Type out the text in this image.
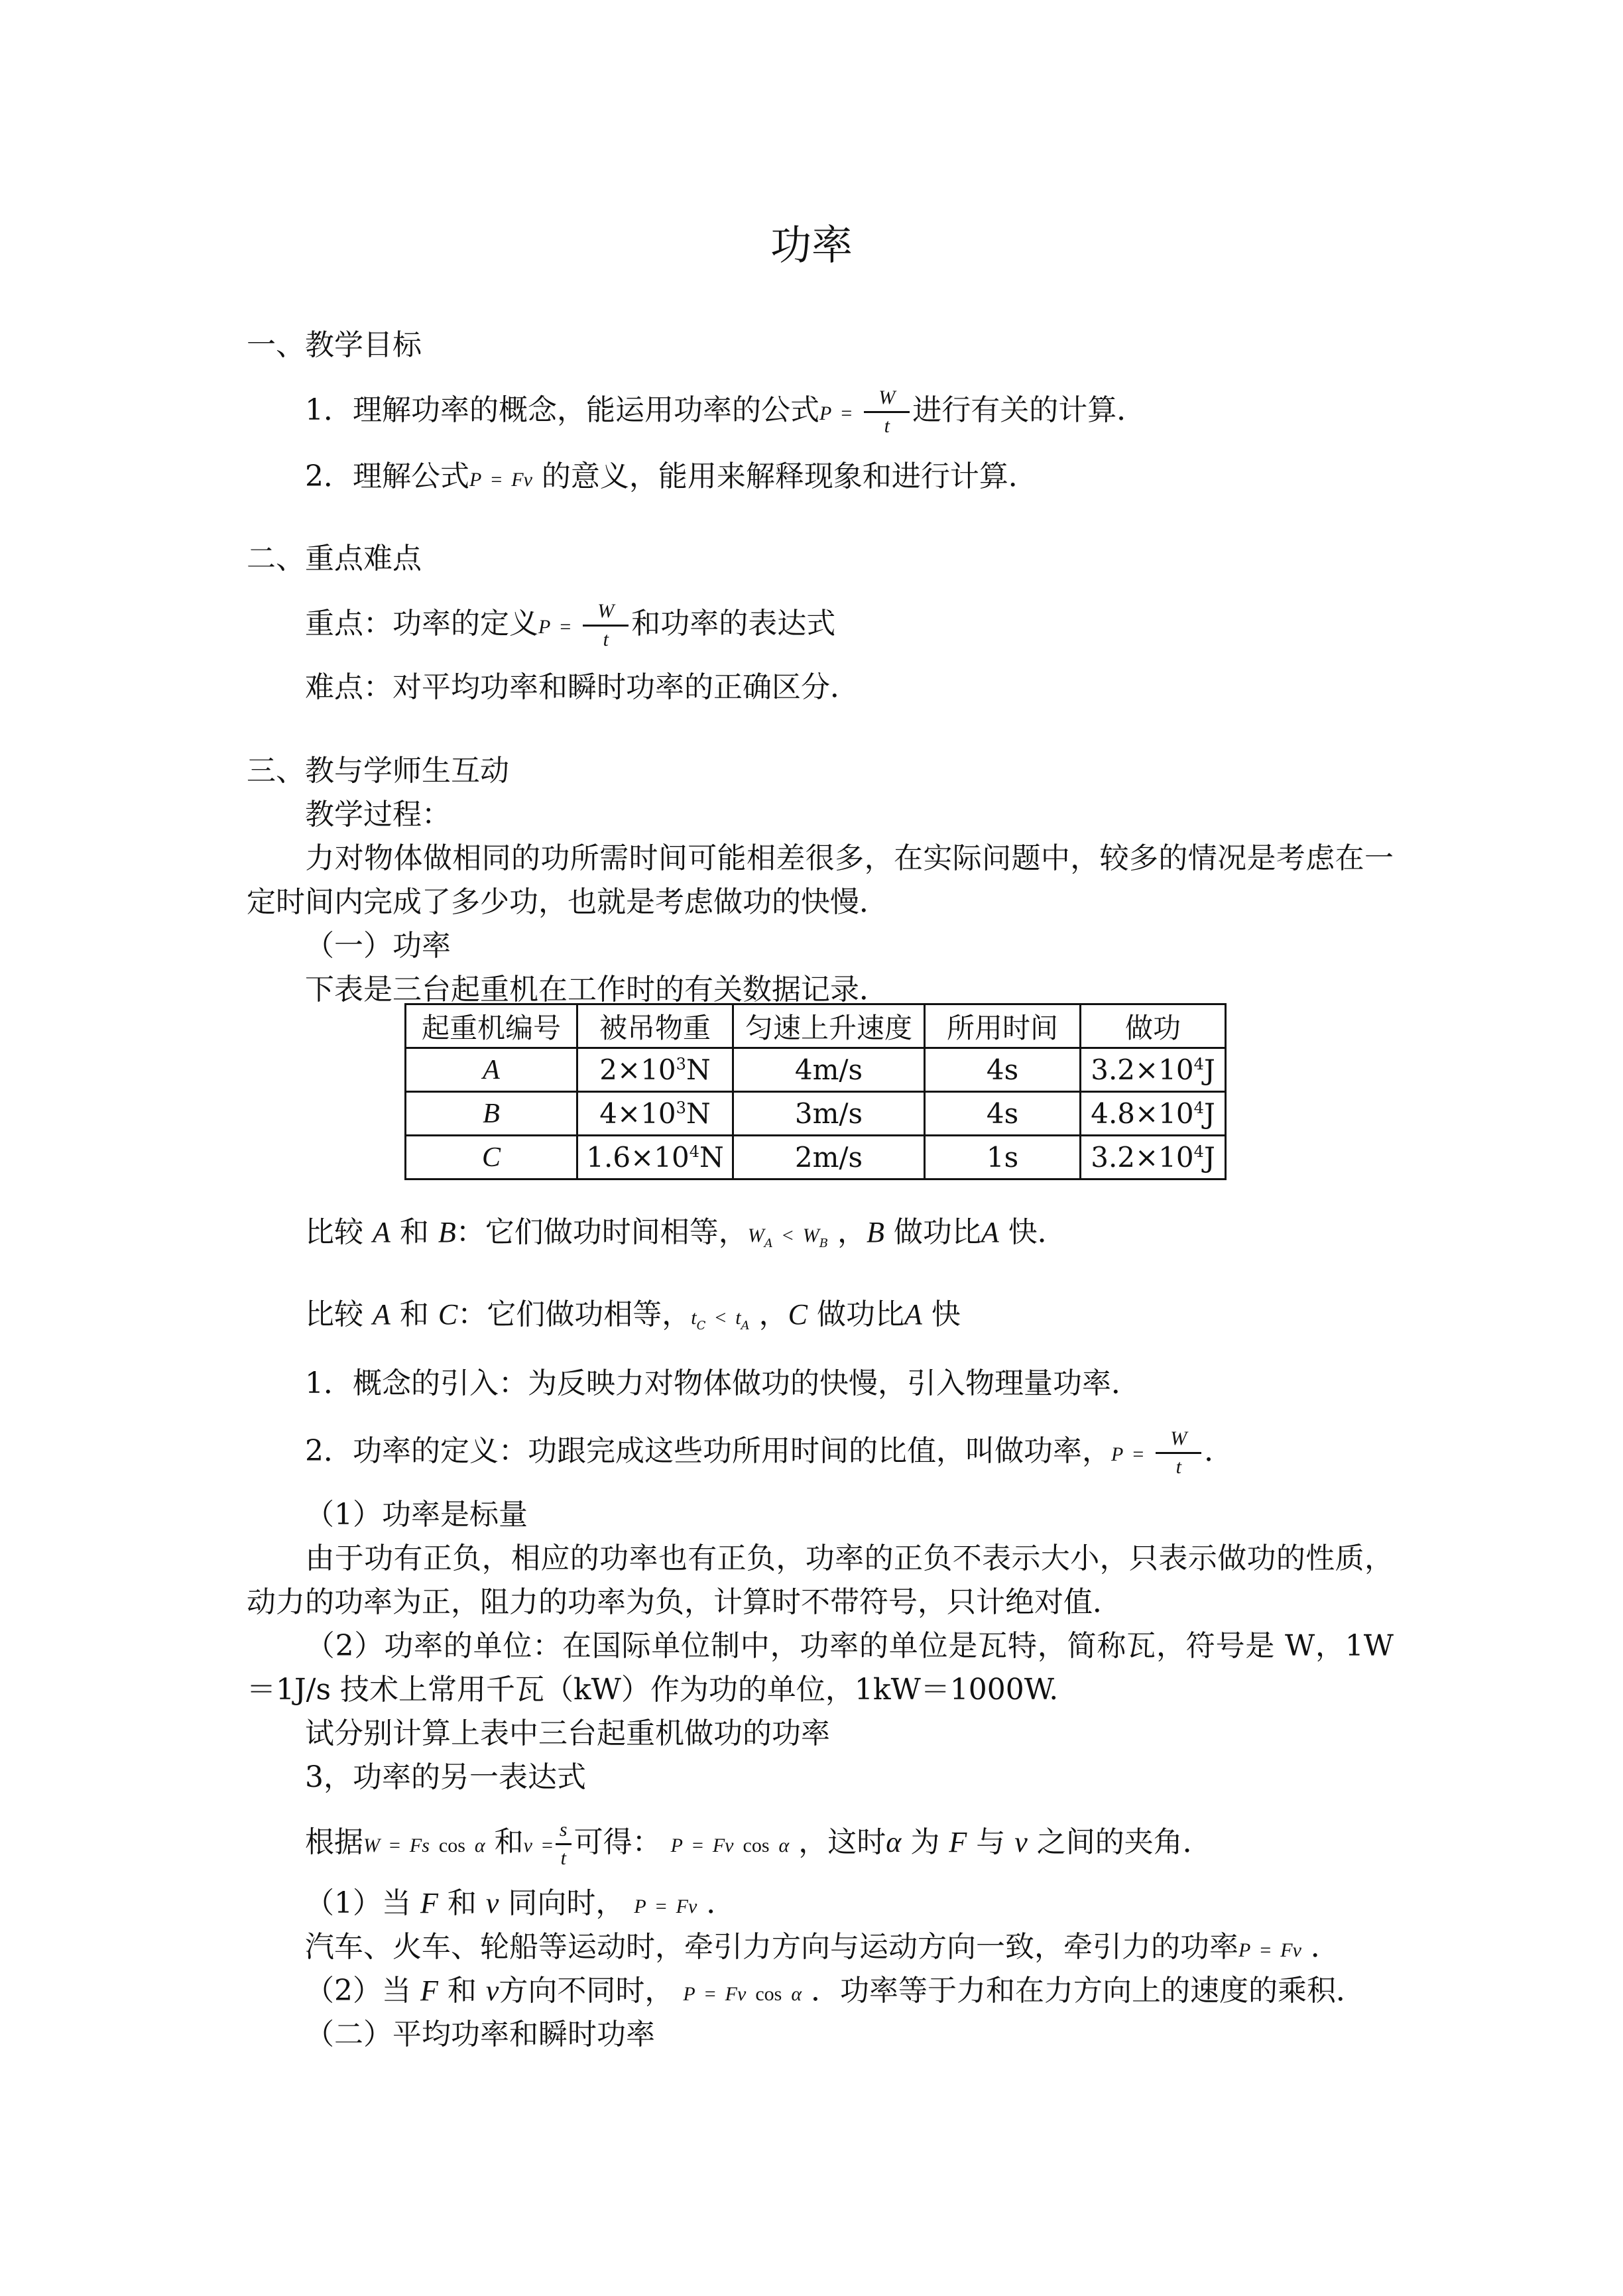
功率
一、教学目标
1．理解功率的概念，能运用功率的公式$P = \frac{W}{t}$ 进行有关的计算．
2．理解公式P = Fv 的意义，能用来解释现象和进行计算．
二、重点难点
重点：功率的定义$P = \frac{W}{t}$ 和功率的表达式
难点：对平均功率和瞬时功率的正确区分．
三、教与学师生互动
教学过程：
力对物体做相同的功所需时间可能相差很多，在实际问题中，较多的情况是考虑在一定时间内完成了多少功，也就是考虑做功的快慢．
（一）功率
下表是三台起重机在工作时的有关数据记录．
起重机编号	被吊物重	匀速上升速度	所用时间	做功
A	$2\times 10^3N$	4m/s	4s	$3.2\times 10^4J$
B	$4\times 10^3N$	3m/s	4s	$4.8\times 10^4J$
C	$1.6\times 10^4N$	2m/s	1s	$3.2\times 10^4J$
比较 A 和 B：它们做功时间相等，$W_A < W_B$ ，B 做功比A 快．
比较 A 和 C：它们做功相等，$t_C < t_A$ ，C 做功比A 快
1．概念的引入：为反映力对物体做功的快慢，引入物理量功率．
2．功率的定义：功跟完成这些功所用时间的比值，叫做功率，$P = \frac{W}{t}$ ．
（1）功率是标量
由于功有正负，相应的功率也有正负，功率的正负不表示大小，只表示做功的性质，动力的功率为正，阻力的功率为负，计算时不带符号，只计绝对值．
（2）功率的单位：在国际单位制中，功率的单位是瓦特，简称瓦，符号是 W，1W＝1J/s 技术上常用千瓦（kW）作为功的单位，1kW＝1000W.
试分别计算上表中三台起重机做功的功率
3，功率的另一表达式
根据W = Fs cos α 和$v = \frac{s}{t}$ 可得： P = Fv cos α ，这时α 为 F 与 v 之间的夹角．
（1）当 F 和 v 同向时， P = Fv ．
汽车、火车、轮船等运动时，牵引力方向与运动方向一致，牵引力的功率P = Fv ．
（2）当 F 和 v方向不同时， P = Fv cos α ．功率等于力和在力方向上的速度的乘积．
（二）平均功率和瞬时功率
